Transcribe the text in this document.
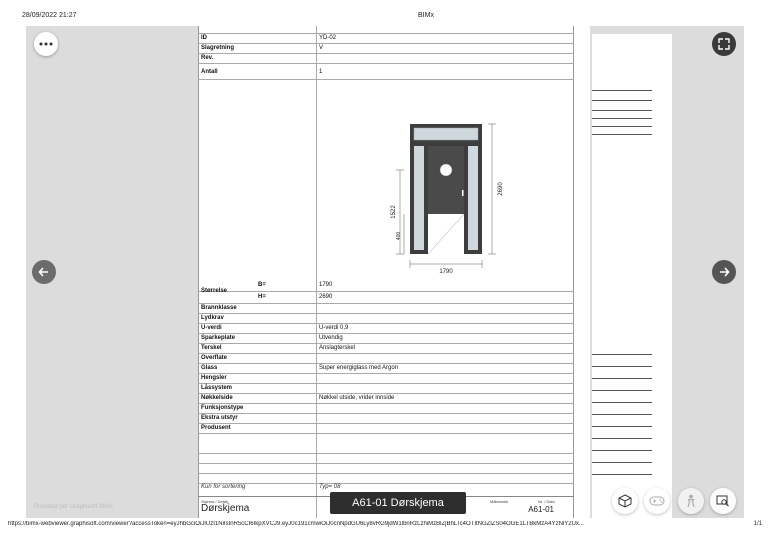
28/09/2022 21:27	BIMx
ID	YD-02
Slagretning	V
Rev.
Antall	1
B=	1790
Størrelse
H=	2690
Brannklasse
Lydkrav
U-verdi	U-verdi 0,9
Sparkeplate	Utvendig
Terskel	Anslagterskel
Overflate
Glass	Super energiglass med Argon
Hengsler
Låssystem
Nøkkelside	Nøkkel utside, vrider innside
Funksjonstype
Ekstra utstyr
Produsent
Kun for sortering	Typ= 08
1790
2690
1522
400
Skjema / Detalj
Dørskjema
Målestokk	Nr. / Dato
A61-01
A61-01 Dørskjema
Provided per Graphisoft BIMx
https://bimx-webviewer.graphisoft.com/viewer?accessToken=eyJhbGciOiJIUzI1NiIsInR5cCI6IkpXVCJ9.eyJ0c191cmwiOiJ0cnNpdGU6Ly8vRG9jdW1lbnRzLzhiMzBlZjBhLTc4OTItNGZlZS04OGE1LTBkMzA4YzNlY2Ux...	1/1
